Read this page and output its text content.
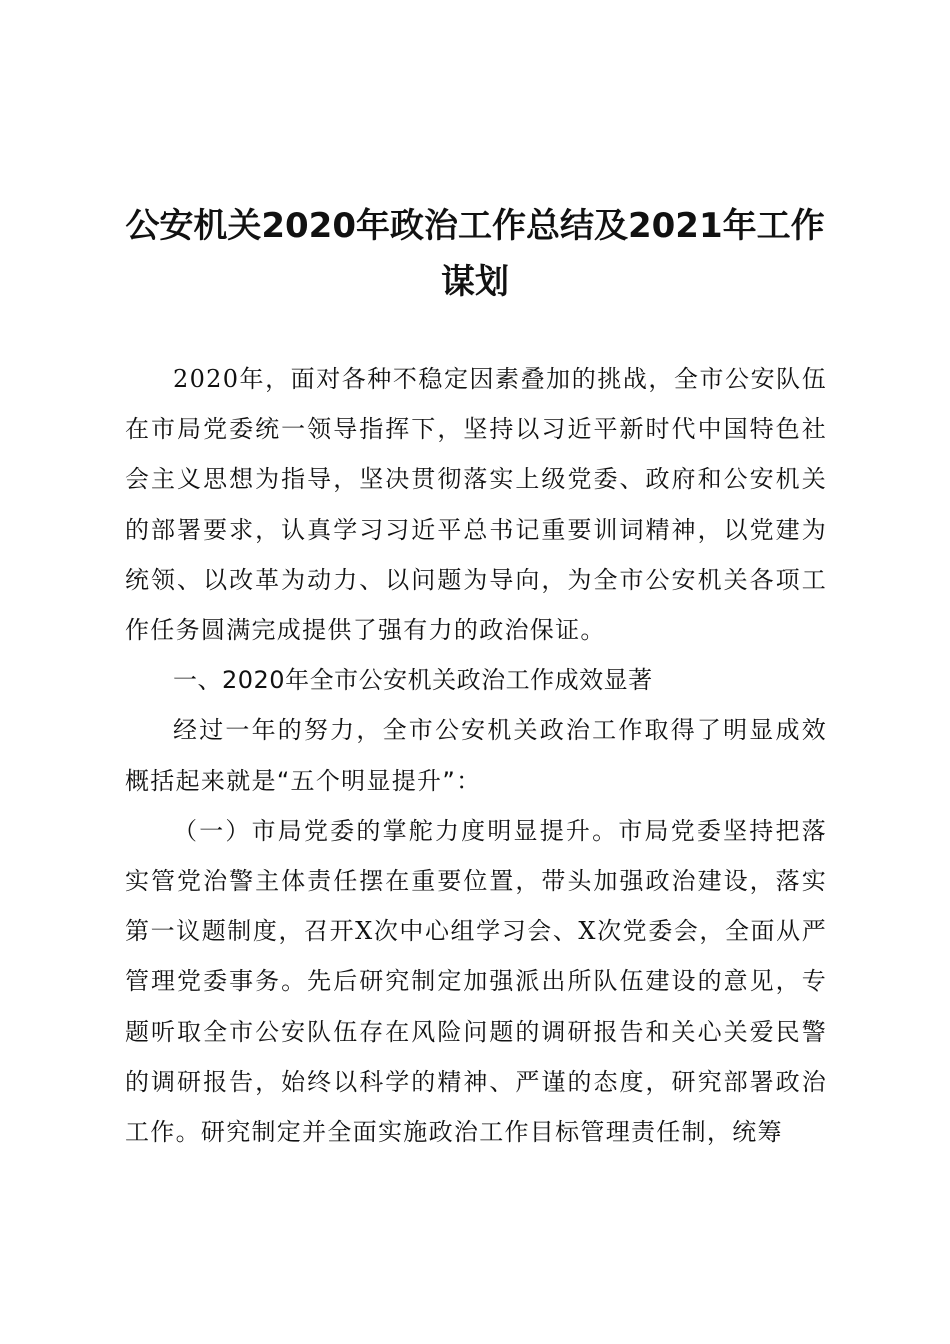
公安机关2020年政治工作总结及2021年工作谋划

2020年，面对各种不稳定因素叠加的挑战，全市公安队伍在市局党委统一领导指挥下，坚持以习近平新时代中国特色社会主义思想为指导，坚决贯彻落实上级党委、政府和公安机关的部署要求，认真学习习近平总书记重要训词精神，以党建为统领、以改革为动力、以问题为导向，为全市公安机关各项工作任务圆满完成提供了强有力的政治保证。

一、2020年全市公安机关政治工作成效显著

经过一年的努力，全市公安机关政治工作取得了明显成效概括起来就是“五个明显提升”：

（一）市局党委的掌舵力度明显提升。市局党委坚持把落实管党治警主体责任摆在重要位置，带头加强政治建设，落实第一议题制度，召开X次中心组学习会、X次党委会，全面从严管理党委事务。先后研究制定加强派出所队伍建设的意见，专题听取全市公安队伍存在风险问题的调研报告和关心关爱民警的调研报告，始终以科学的精神、严谨的态度，研究部署政治工作。研究制定并全面实施政治工作目标管理责任制，统筹
